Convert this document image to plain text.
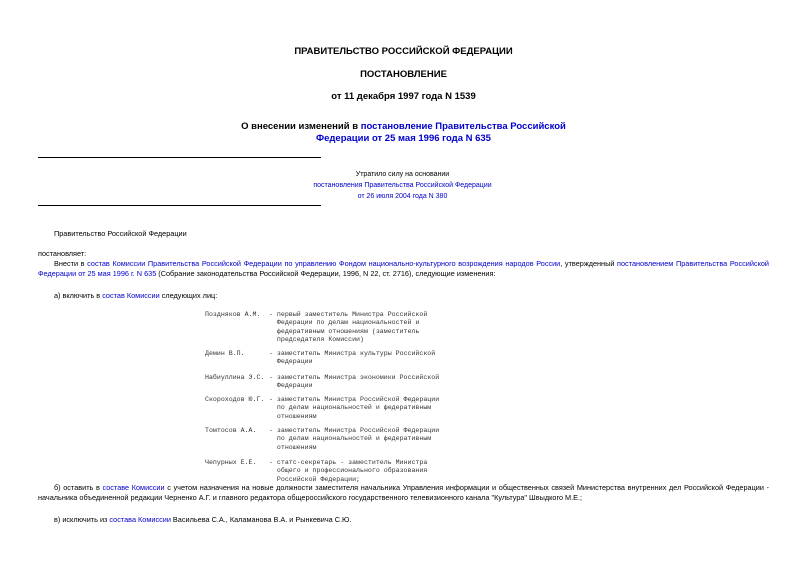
ПРАВИТЕЛЬСТВО РОССИЙСКОЙ ФЕДЕРАЦИИ
ПОСТАНОВЛЕНИЕ
от 11 декабря 1997 года N 1539
О внесении изменений в постановление Правительства Российской
Федерации от 25 мая 1996 года N 635
Утратило силу на основании
постановления Правительства Российской Федерации
от 26 июля 2004 года N 380
Правительство Российской Федерации
постановляет:
Внести в состав Комиссии Правительства Российской Федерации по управлению Фондом национально-культурного возрождения народов России, утвержденный постановлением Правительства Российской Федерации от 25 мая 1996 г. N 635 (Собрание законодательства Российской Федерации, 1996, N 22, ст. 2716), следующие изменения:
а) включить в состав Комиссии следующих лиц:
Поздняков А.М.	- первый заместитель Министра Российской
Федерации по делам национальностей и
федеративным отношениям (заместитель
председателя Комиссии)
Демин В.П.	- заместитель Министра культуры Российской
Федерации
Набиуллина Э.С. - заместитель Министра экономики Российской
Федерации
Скороходов Ю.Г. - заместитель Министра Российской Федерации
по делам национальностей и федеративным
отношениям
Томтосов А.А.	- заместитель Министра Российской Федерации
по делам национальностей и федеративным
отношениям
Чепурных Е.Е.	- статс-секретарь - заместитель Министра
общего и профессионального образования
Российской Федерации;
б) оставить в составе Комиссии с учетом назначения на новые должности заместителя начальника Управления информации и общественных связей Министерства внутренних дел Российской Федерации - начальника объединенной редакции Черненко А.Г. и главного редактора общероссийского государственного телевизионного канала "Культура" Швыдкого М.Е.;
в) исключить из состава Комиссии Васильева С.А., Каламанова В.А. и Рынкевича С.Ю.
